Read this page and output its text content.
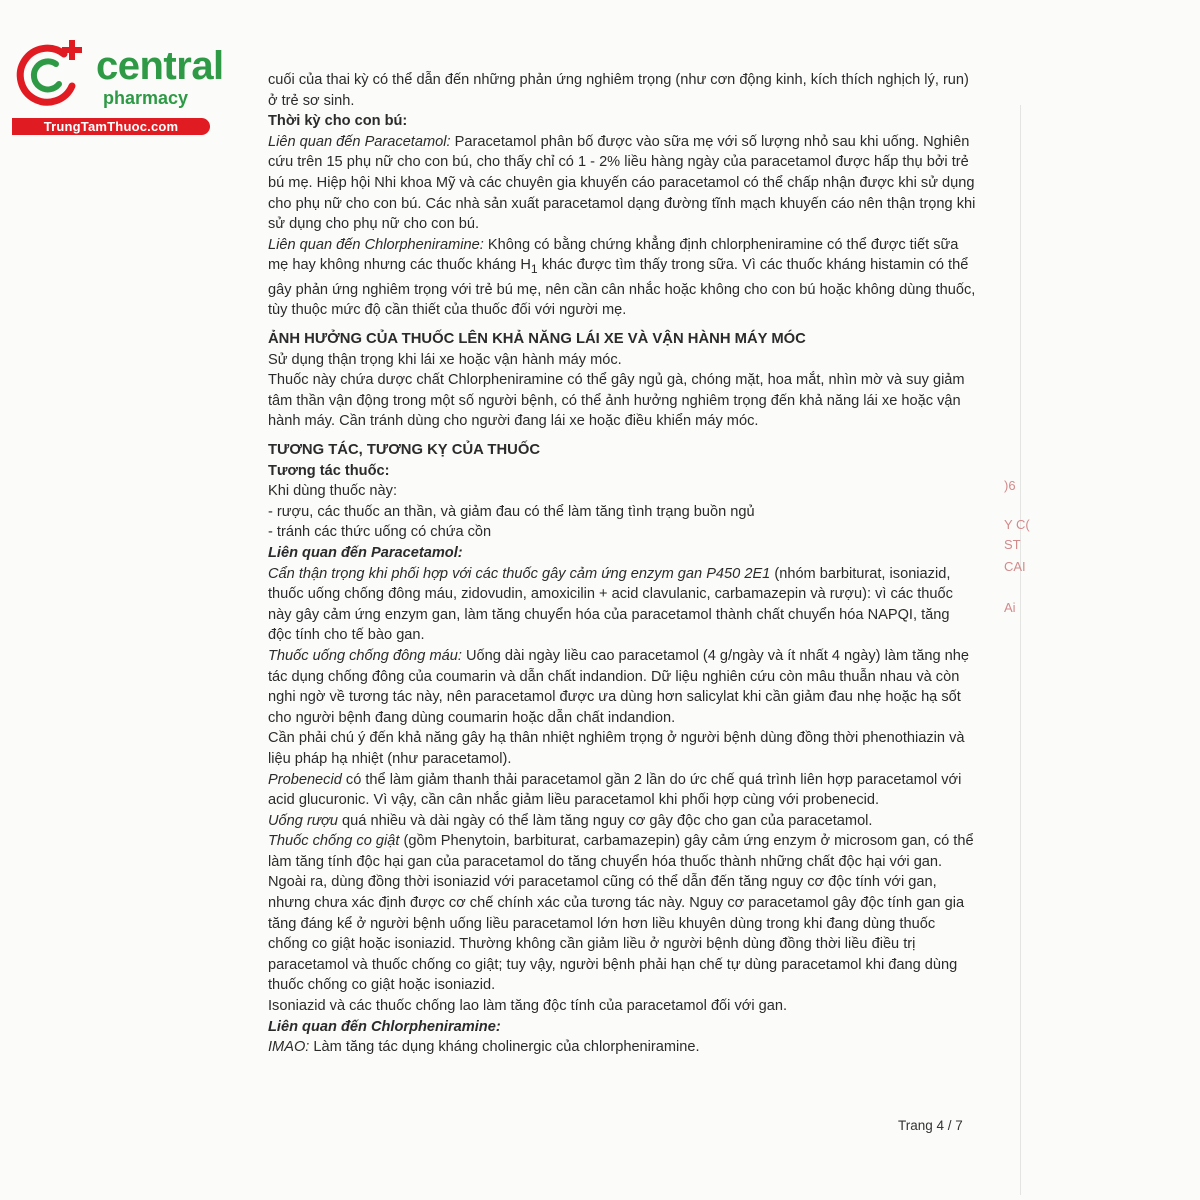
central
pharmacy
TrungTamThuoc.com

cuối của thai kỳ có thể dẫn đến những phản ứng nghiêm trọng (như cơn động kinh, kích thích nghịch lý, run) ở trẻ sơ sinh.

Thời kỳ cho con bú:

Liên quan đến Paracetamol: Paracetamol phân bố được vào sữa mẹ với số lượng nhỏ sau khi uống. Nghiên cứu trên 15 phụ nữ cho con bú, cho thấy chỉ có 1 - 2% liều hàng ngày của paracetamol được hấp thụ bởi trẻ bú mẹ. Hiệp hội Nhi khoa Mỹ và các chuyên gia khuyến cáo paracetamol có thể chấp nhận được khi sử dụng cho phụ nữ cho con bú. Các nhà sản xuất paracetamol dạng đường tĩnh mạch khuyến cáo nên thận trọng khi sử dụng cho phụ nữ cho con bú.

Liên quan đến Chlorpheniramine: Không có bằng chứng khẳng định chlorpheniramine có thể được tiết sữa mẹ hay không nhưng các thuốc kháng $H_1$ khác được tìm thấy trong sữa. Vì các thuốc kháng histamin có thể gây phản ứng nghiêm trọng với trẻ bú mẹ, nên cần cân nhắc hoặc không cho con bú hoặc không dùng thuốc, tùy thuộc mức độ cần thiết của thuốc đối với người mẹ.

ẢNH HƯỞNG CỦA THUỐC LÊN KHẢ NĂNG LÁI XE VÀ VẬN HÀNH MÁY MÓC

Sử dụng thận trọng khi lái xe hoặc vận hành máy móc.

Thuốc này chứa dược chất Chlorpheniramine có thể gây ngủ gà, chóng mặt, hoa mắt, nhìn mờ và suy giảm tâm thần vận động trong một số người bệnh, có thể ảnh hưởng nghiêm trọng đến khả năng lái xe hoặc vận hành máy. Cần tránh dùng cho người đang lái xe hoặc điều khiển máy móc.

TƯƠNG TÁC, TƯƠNG KỴ CỦA THUỐC

Tương tác thuốc:

Khi dùng thuốc này:

- rượu, các thuốc an thần, và giảm đau có thể làm tăng tình trạng buồn ngủ

- tránh các thức uống có chứa cồn

Liên quan đến Paracetamol:

Cẩn thận trọng khi phối hợp với các thuốc gây cảm ứng enzym gan P450 2E1 (nhóm barbiturat, isoniazid, thuốc uống chống đông máu, zidovudin, amoxicilin + acid clavulanic, carbamazepin và rượu): vì các thuốc này gây cảm ứng enzym gan, làm tăng chuyển hóa của paracetamol thành chất chuyển hóa NAPQI, tăng độc tính cho tế bào gan.

Thuốc uống chống đông máu: Uống dài ngày liều cao paracetamol (4 g/ngày và ít nhất 4 ngày) làm tăng nhẹ tác dụng chống đông của coumarin và dẫn chất indandion. Dữ liệu nghiên cứu còn mâu thuẫn nhau và còn nghi ngờ về tương tác này, nên paracetamol được ưa dùng hơn salicylat khi cần giảm đau nhẹ hoặc hạ sốt cho người bệnh đang dùng coumarin hoặc dẫn chất indandion.

Cần phải chú ý đến khả năng gây hạ thân nhiệt nghiêm trọng ở người bệnh dùng đồng thời phenothiazin và liệu pháp hạ nhiệt (như paracetamol).

Probenecid có thể làm giảm thanh thải paracetamol gần 2 lần do ức chế quá trình liên hợp paracetamol với acid glucuronic. Vì vậy, cần cân nhắc giảm liều paracetamol khi phối hợp cùng với probenecid.

Uống rượu quá nhiều và dài ngày có thể làm tăng nguy cơ gây độc cho gan của paracetamol.

Thuốc chống co giật (gồm Phenytoin, barbiturat, carbamazepin) gây cảm ứng enzym ở microsom gan, có thể làm tăng tính độc hại gan của paracetamol do tăng chuyển hóa thuốc thành những chất độc hại với gan. Ngoài ra, dùng đồng thời isoniazid với paracetamol cũng có thể dẫn đến tăng nguy cơ độc tính với gan, nhưng chưa xác định được cơ chế chính xác của tương tác này. Nguy cơ paracetamol gây độc tính gan gia tăng đáng kể ở người bệnh uống liều paracetamol lớn hơn liều khuyên dùng trong khi đang dùng thuốc chống co giật hoặc isoniazid. Thường không cần giảm liều ở người bệnh dùng đồng thời liều điều trị paracetamol và thuốc chống co giật; tuy vậy, người bệnh phải hạn chế tự dùng paracetamol khi đang dùng thuốc chống co giật hoặc isoniazid.

Isoniazid và các thuốc chống lao làm tăng độc tính của paracetamol đối với gan.

Liên quan đến Chlorpheniramine:

IMAO: Làm tăng tác dụng kháng cholinergic của chlorpheniramine.

Trang 4 / 7
)6
Y C(
ST
CAI
Ai
